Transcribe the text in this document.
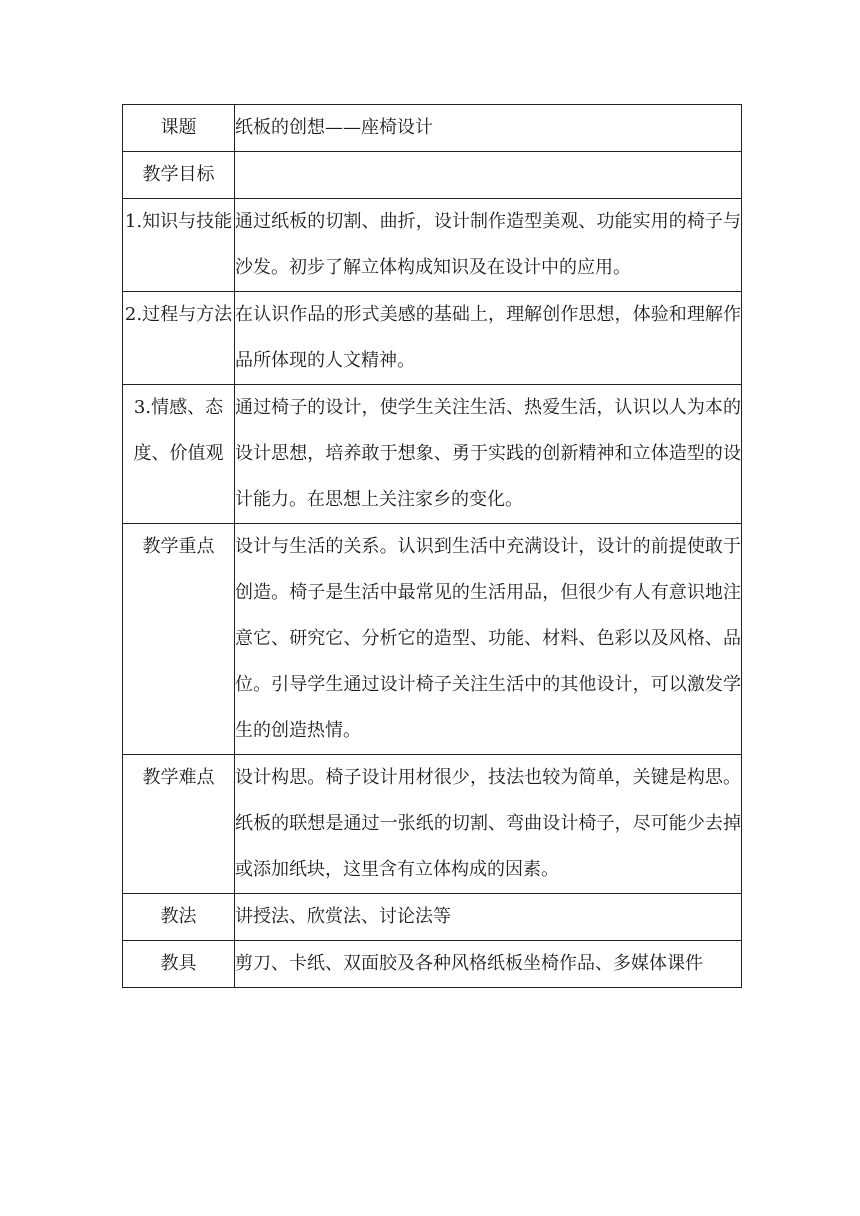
课题	纸板的创想——座椅设计
教学目标	
1.知识与技能	通过纸板的切割、曲折，设计制作造型美观、功能实用的椅子与沙发。初步了解立体构成知识及在设计中的应用。
2.过程与方法	在认识作品的形式美感的基础上，理解创作思想，体验和理解作品所体现的人文精神。
3.情感、态度、价值观	通过椅子的设计，使学生关注生活、热爱生活，认识以人为本的设计思想，培养敢于想象、勇于实践的创新精神和立体造型的设计能力。在思想上关注家乡的变化。
教学重点	设计与生活的关系。认识到生活中充满设计，设计的前提使敢于创造。椅子是生活中最常见的生活用品，但很少有人有意识地注意它、研究它、分析它的造型、功能、材料、色彩以及风格、品位。引导学生通过设计椅子关注生活中的其他设计，可以激发学生的创造热情。
教学难点	设计构思。椅子设计用材很少，技法也较为简单，关键是构思。纸板的联想是通过一张纸的切割、弯曲设计椅子，尽可能少去掉或添加纸块，这里含有立体构成的因素。
教法	讲授法、欣赏法、讨论法等
教具	剪刀、卡纸、双面胶及各种风格纸板坐椅作品、多媒体课件
